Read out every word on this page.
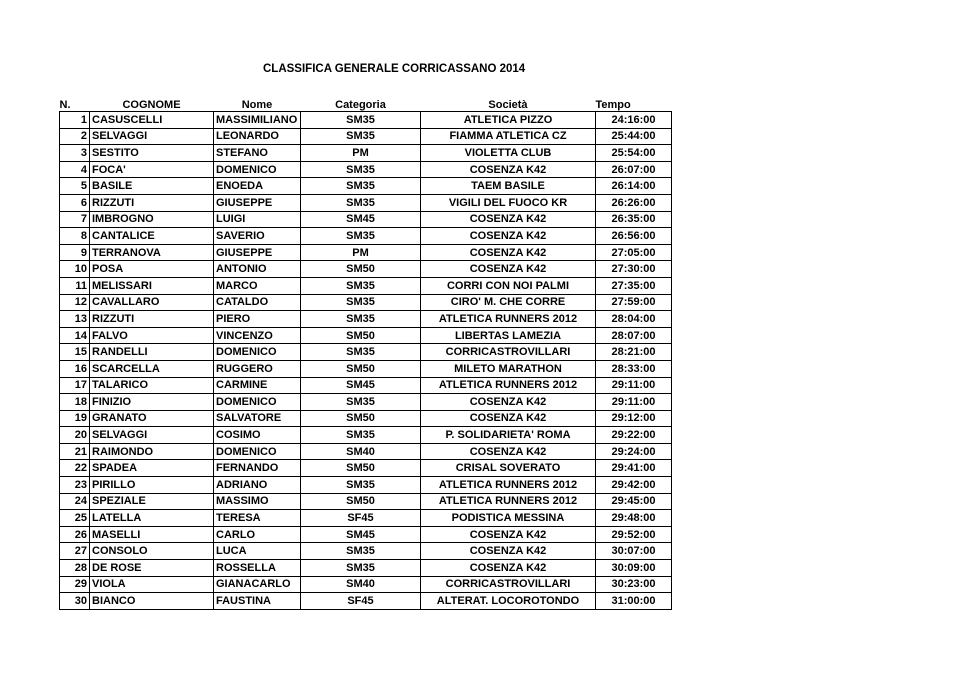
CLASSIFICA GENERALE CORRICASSANO 2014
N.	COGNOME	Nome	Categoria	Società	Tempo
1	CASUSCELLI	MASSIMILIANO	SM35	ATLETICA PIZZO	24:16:00
2	SELVAGGI	LEONARDO	SM35	FIAMMA ATLETICA CZ	25:44:00
3	SESTITO	STEFANO	PM	VIOLETTA CLUB	25:54:00
4	FOCA'	DOMENICO	SM35	COSENZA K42	26:07:00
5	BASILE	ENOEDA	SM35	TAEM BASILE	26:14:00
6	RIZZUTI	GIUSEPPE	SM35	VIGILI DEL FUOCO KR	26:26:00
7	IMBROGNO	LUIGI	SM45	COSENZA K42	26:35:00
8	CANTALICE	SAVERIO	SM35	COSENZA K42	26:56:00
9	TERRANOVA	GIUSEPPE	PM	COSENZA K42	27:05:00
10	POSA	ANTONIO	SM50	COSENZA K42	27:30:00
11	MELISSARI	MARCO	SM35	CORRI CON NOI PALMI	27:35:00
12	CAVALLARO	CATALDO	SM35	CIRO' M. CHE CORRE	27:59:00
13	RIZZUTI	PIERO	SM35	ATLETICA RUNNERS 2012	28:04:00
14	FALVO	VINCENZO	SM50	LIBERTAS LAMEZIA	28:07:00
15	RANDELLI	DOMENICO	SM35	CORRICASTROVILLARI	28:21:00
16	SCARCELLA	RUGGERO	SM50	MILETO MARATHON	28:33:00
17	TALARICO	CARMINE	SM45	ATLETICA RUNNERS 2012	29:11:00
18	FINIZIO	DOMENICO	SM35	COSENZA K42	29:11:00
19	GRANATO	SALVATORE	SM50	COSENZA K42	29:12:00
20	SELVAGGI	COSIMO	SM35	P. SOLIDARIETA' ROMA	29:22:00
21	RAIMONDO	DOMENICO	SM40	COSENZA K42	29:24:00
22	SPADEA	FERNANDO	SM50	CRISAL SOVERATO	29:41:00
23	PIRILLO	ADRIANO	SM35	ATLETICA RUNNERS 2012	29:42:00
24	SPEZIALE	MASSIMO	SM50	ATLETICA RUNNERS 2012	29:45:00
25	LATELLA	TERESA	SF45	PODISTICA MESSINA	29:48:00
26	MASELLI	CARLO	SM45	COSENZA K42	29:52:00
27	CONSOLO	LUCA	SM35	COSENZA K42	30:07:00
28	DE ROSE	ROSSELLA	SM35	COSENZA K42	30:09:00
29	VIOLA	GIANACARLO	SM40	CORRICASTROVILLARI	30:23:00
30	BIANCO	FAUSTINA	SF45	ALTERAT. LOCOROTONDO	31:00:00
